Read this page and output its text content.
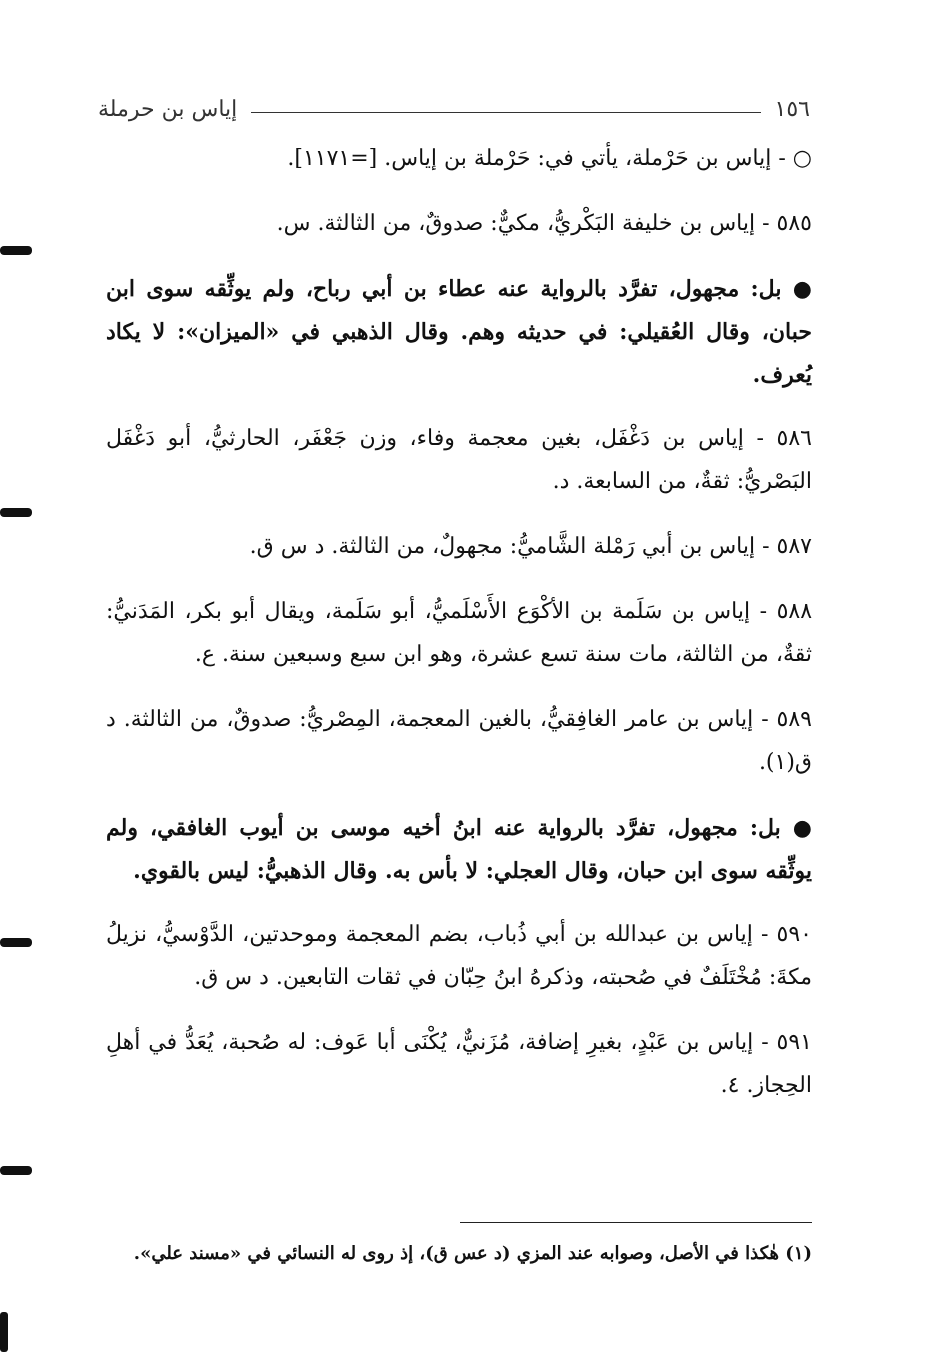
١٥٦
إياس بن حرملة

○ - إياس بن حَرْملة، يأتي في: حَرْملة بن إياس. [=١١٧١].

٥٨٥ - إياس بن خليفة البَكْريُّ، مكيٌّ: صدوقٌ، من الثالثة. س.

● بل: مجهول، تفرَّد بالرواية عنه عطاء بن أبي رباح، ولم يوثِّقه سوى ابن حبان، وقال العُقيلي: في حديثه وهم. وقال الذهبي في «الميزان»: لا يكاد يُعرف.

٥٨٦ - إياس بن دَغْفَل، بغين معجمة وفاء، وزن جَعْفَر، الحارثيُّ، أبو دَغْفَل البَصْريُّ: ثقةٌ، من السابعة. د.

٥٨٧ - إياس بن أبي رَمْلة الشَّاميُّ: مجهولٌ، من الثالثة. د س ق.

٥٨٨ - إياس بن سَلَمة بن الأكْوَع الأَسْلَميُّ، أبو سَلَمة، ويقال أبو بكر، المَدَنيُّ: ثقةٌ، من الثالثة، مات سنة تسع عشرة، وهو ابن سبع وسبعين سنة. ع.

٥٨٩ - إياس بن عامر الغافِقيُّ، بالغين المعجمة، المِصْريُّ: صدوقٌ، من الثالثة. د ق(١).

● بل: مجهول، تفرَّد بالرواية عنه ابنُ أخيه موسى بن أيوب الغافقي، ولم يوثِّقه سوى ابن حبان، وقال العجلي: لا بأس به. وقال الذهبيُّ: ليس بالقوي.

٥٩٠ - إياس بن عبدالله بن أبي ذُباب، بضم المعجمة وموحدتين، الدَّوْسيُّ، نزيلُ مكةَ: مُخْتَلَفٌ في صُحبته، وذكرهُ ابنُ حِبّان في ثقات التابعين. د س ق.

٥٩١ - إياس بن عَبْدٍ، بغيرِ إضافة، مُزَنيٌّ، يُكْنَى أبا عَوف: له صُحبة، يُعَدُّ في أهلِ الحِجاز. ٤.

(١) هٰكذا في الأصل، وصوابه عند المزي (د عس ق)، إذ روى له النسائي في «مسند علي».
